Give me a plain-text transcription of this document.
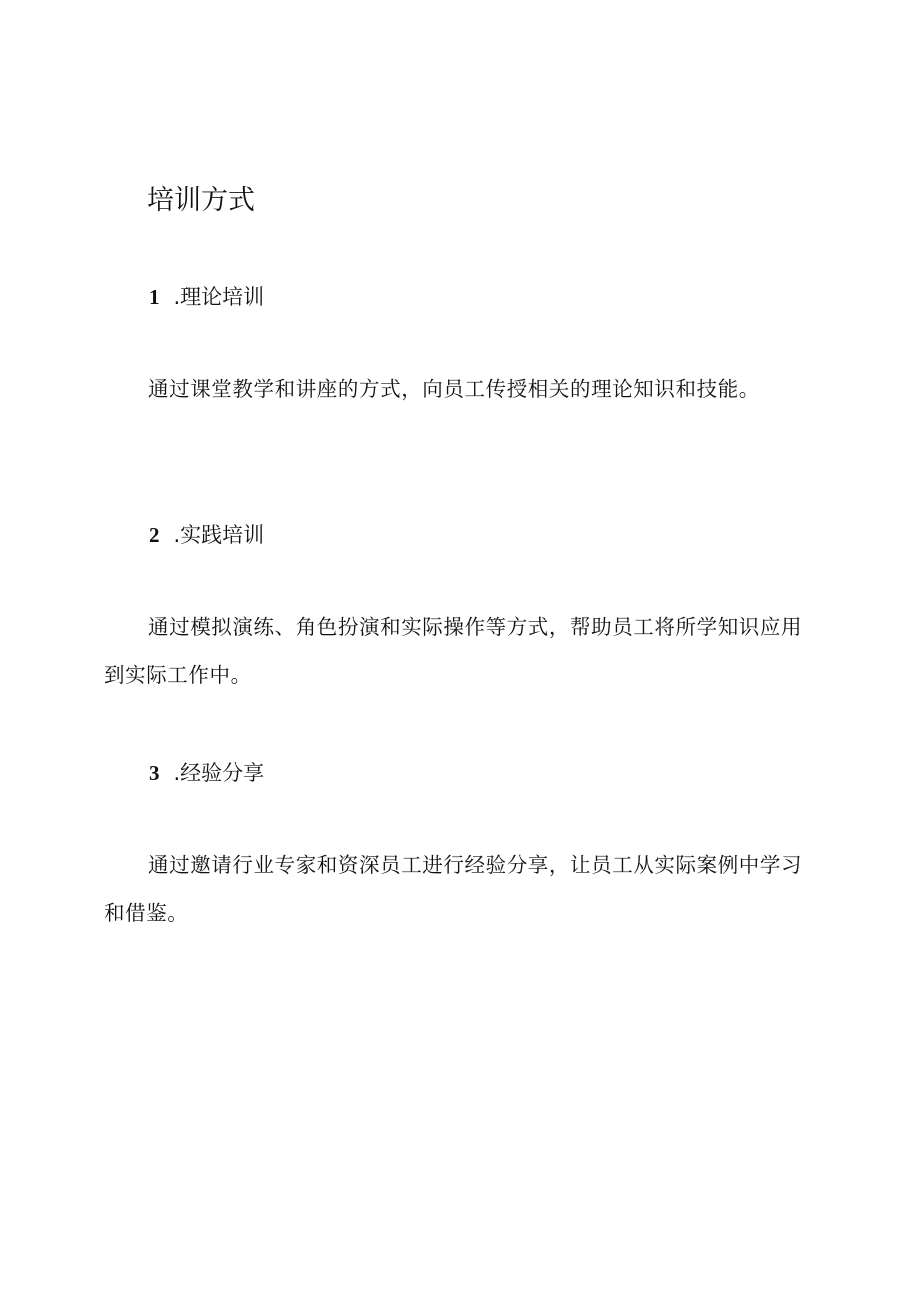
培训方式
1 .理论培训

通过课堂教学和讲座的方式，向员工传授相关的理论知识和技能。

2 .实践培训

通过模拟演练、角色扮演和实际操作等方式，帮助员工将所学知识应用到实际工作中。

3 .经验分享

通过邀请行业专家和资深员工进行经验分享，让员工从实际案例中学习和借鉴。
